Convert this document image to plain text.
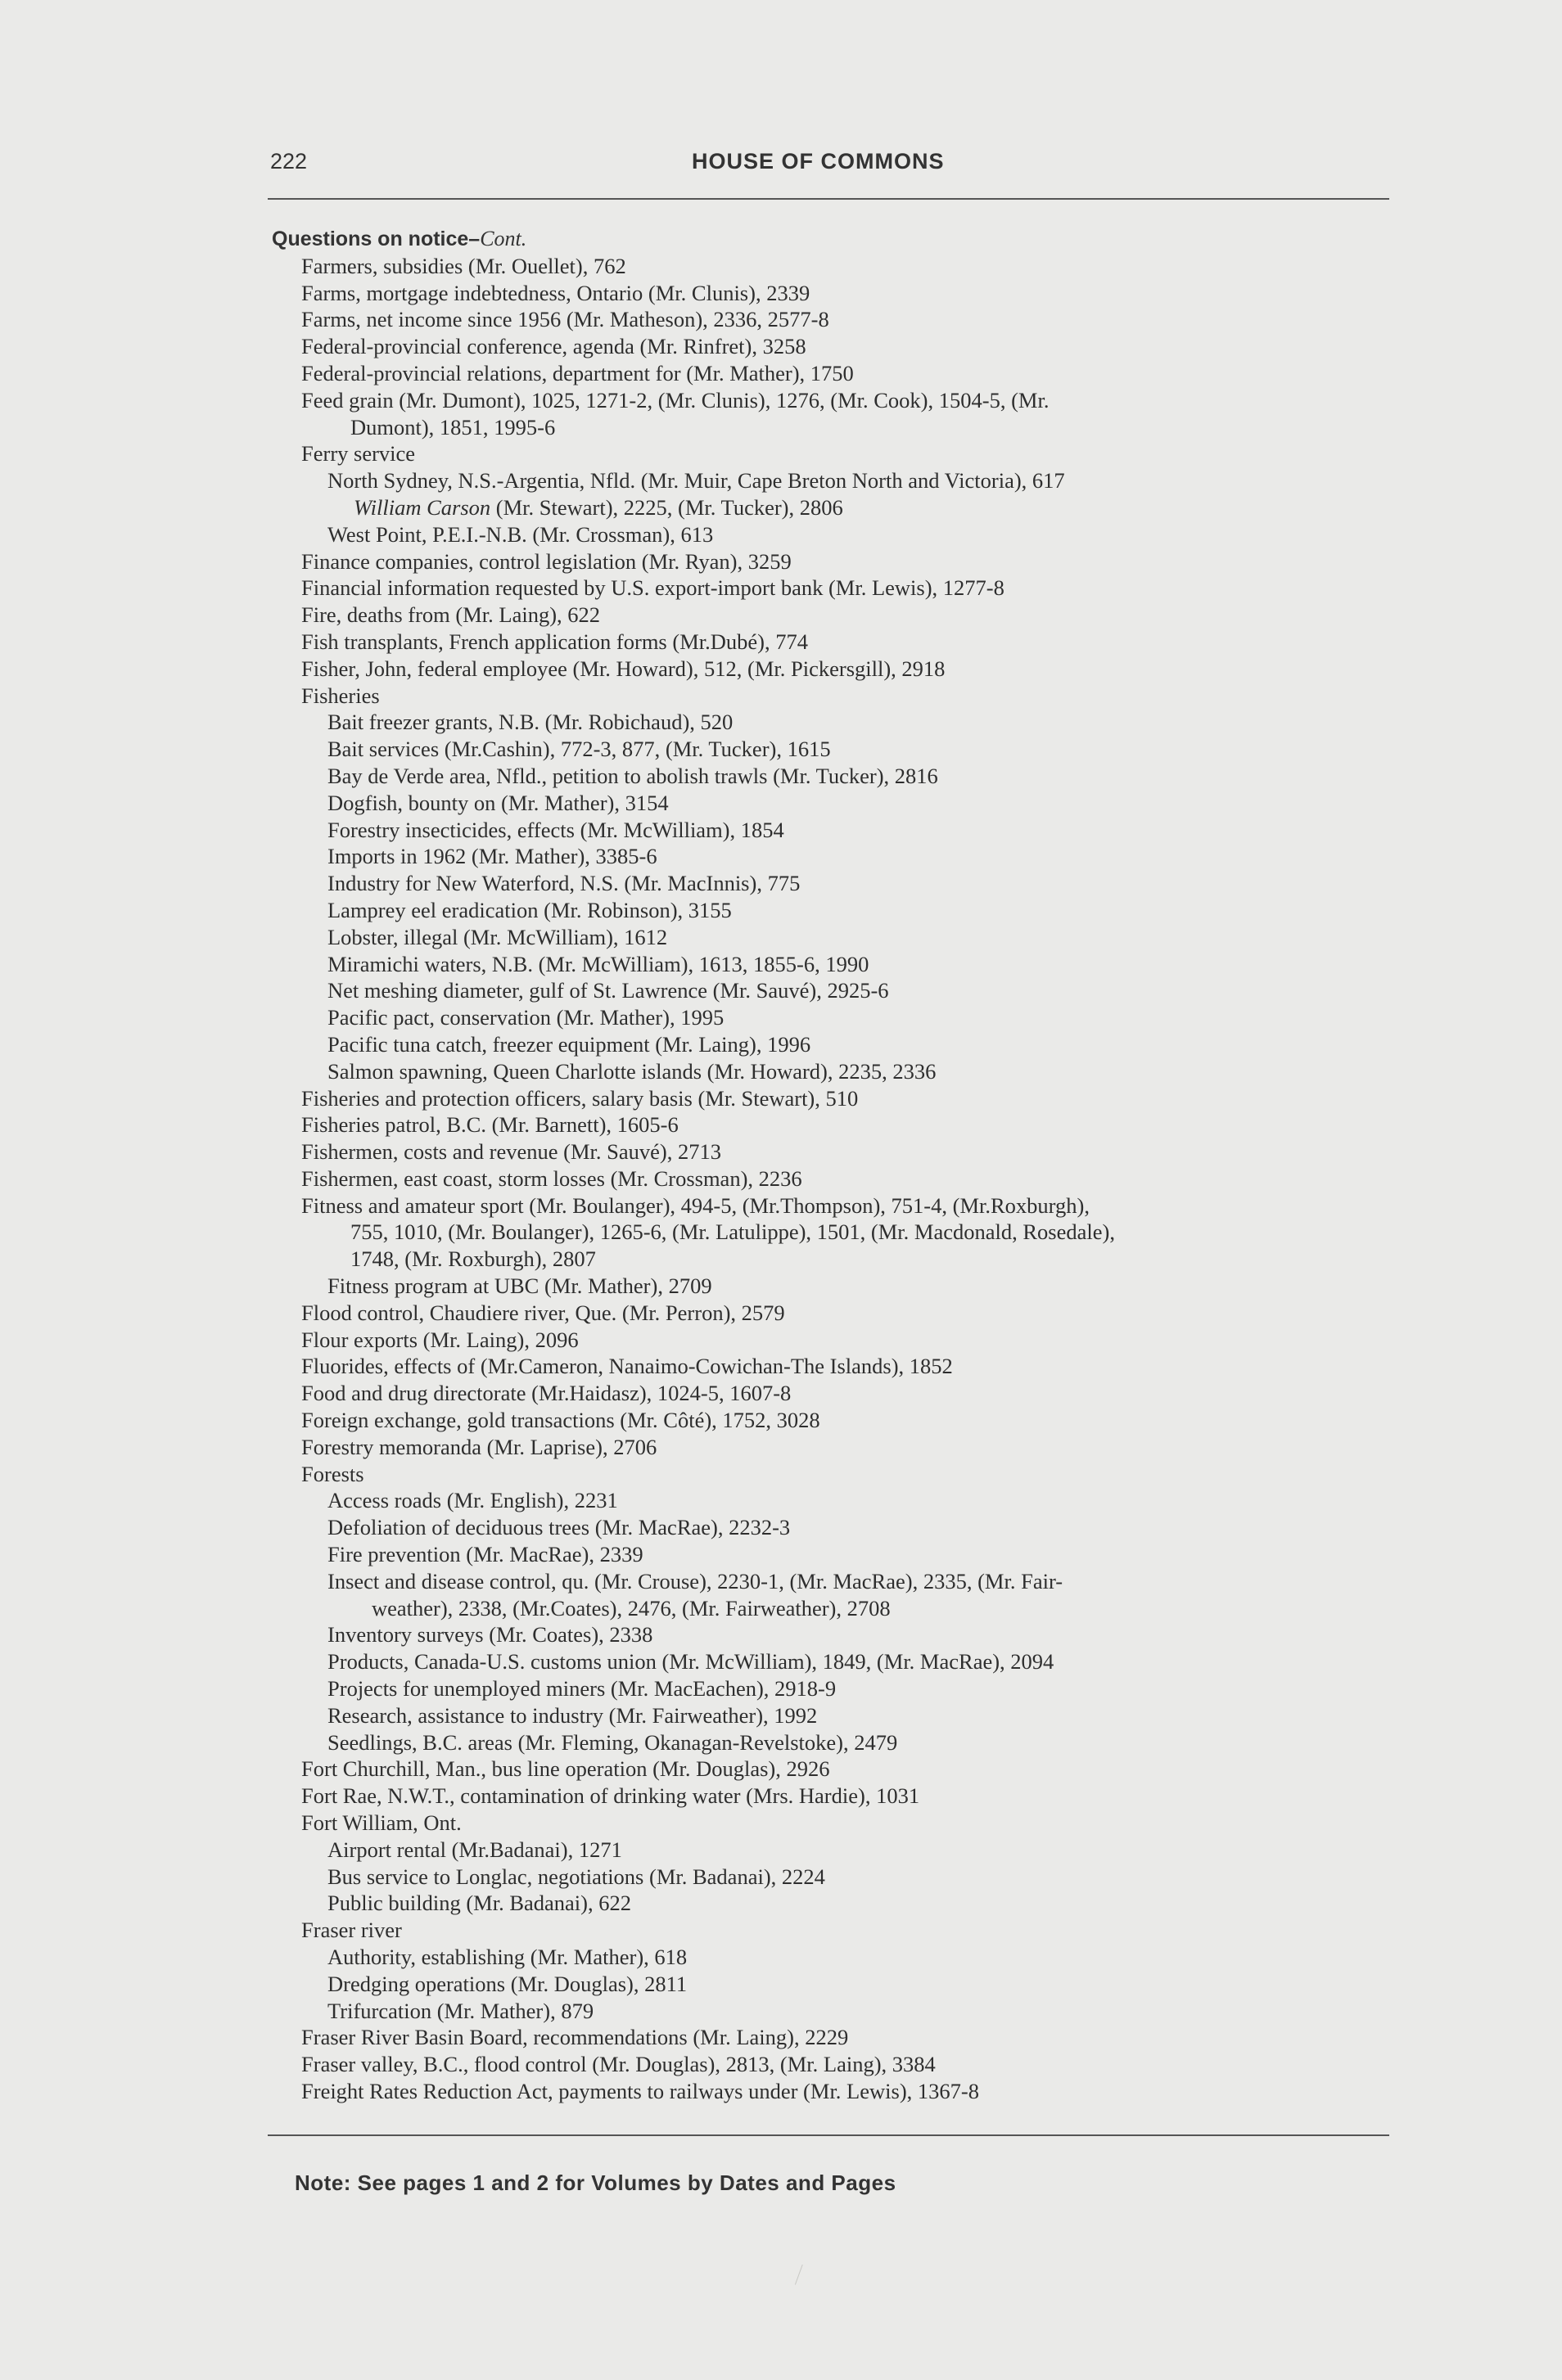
222	HOUSE OF COMMONS
Questions on notice–Cont.
Farmers, subsidies (Mr. Ouellet), 762
Farms, mortgage indebtedness, Ontario (Mr. Clunis), 2339
Farms, net income since 1956 (Mr. Matheson), 2336, 2577-8
Federal-provincial conference, agenda (Mr. Rinfret), 3258
Federal-provincial relations, department for (Mr. Mather), 1750
Feed grain (Mr. Dumont), 1025, 1271-2, (Mr. Clunis), 1276, (Mr. Cook), 1504-5, (Mr.
Dumont), 1851, 1995-6
Ferry service
North Sydney, N.S.-Argentia, Nfld. (Mr. Muir, Cape Breton North and Victoria), 617
William Carson (Mr. Stewart), 2225, (Mr. Tucker), 2806
West Point, P.E.I.-N.B. (Mr. Crossman), 613
Finance companies, control legislation (Mr. Ryan), 3259
Financial information requested by U.S. export-import bank (Mr. Lewis), 1277-8
Fire, deaths from (Mr. Laing), 622
Fish transplants, French application forms (Mr.Dubé), 774
Fisher, John, federal employee (Mr. Howard), 512, (Mr. Pickersgill), 2918
Fisheries
Bait freezer grants, N.B. (Mr. Robichaud), 520
Bait services (Mr.Cashin), 772-3, 877, (Mr. Tucker), 1615
Bay de Verde area, Nfld., petition to abolish trawls (Mr. Tucker), 2816
Dogfish, bounty on (Mr. Mather), 3154
Forestry insecticides, effects (Mr. McWilliam), 1854
Imports in 1962 (Mr. Mather), 3385-6
Industry for New Waterford, N.S. (Mr. MacInnis), 775
Lamprey eel eradication (Mr. Robinson), 3155
Lobster, illegal (Mr. McWilliam), 1612
Miramichi waters, N.B. (Mr. McWilliam), 1613, 1855-6, 1990
Net meshing diameter, gulf of St. Lawrence (Mr. Sauvé), 2925-6
Pacific pact, conservation (Mr. Mather), 1995
Pacific tuna catch, freezer equipment (Mr. Laing), 1996
Salmon spawning, Queen Charlotte islands (Mr. Howard), 2235, 2336
Fisheries and protection officers, salary basis (Mr. Stewart), 510
Fisheries patrol, B.C. (Mr. Barnett), 1605-6
Fishermen, costs and revenue (Mr. Sauvé), 2713
Fishermen, east coast, storm losses (Mr. Crossman), 2236
Fitness and amateur sport (Mr. Boulanger), 494-5, (Mr.Thompson), 751-4, (Mr.Roxburgh),
755, 1010, (Mr. Boulanger), 1265-6, (Mr. Latulippe), 1501, (Mr. Macdonald, Rosedale),
1748, (Mr. Roxburgh), 2807
Fitness program at UBC (Mr. Mather), 2709
Flood control, Chaudiere river, Que. (Mr. Perron), 2579
Flour exports (Mr. Laing), 2096
Fluorides, effects of (Mr.Cameron, Nanaimo-Cowichan-The Islands), 1852
Food and drug directorate (Mr.Haidasz), 1024-5, 1607-8
Foreign exchange, gold transactions (Mr. Côté), 1752, 3028
Forestry memoranda (Mr. Laprise), 2706
Forests
Access roads (Mr. English), 2231
Defoliation of deciduous trees (Mr. MacRae), 2232-3
Fire prevention (Mr. MacRae), 2339
Insect and disease control, qu. (Mr. Crouse), 2230-1, (Mr. MacRae), 2335, (Mr. Fair-
weather), 2338, (Mr.Coates), 2476, (Mr. Fairweather), 2708
Inventory surveys (Mr. Coates), 2338
Products, Canada-U.S. customs union (Mr. McWilliam), 1849, (Mr. MacRae), 2094
Projects for unemployed miners (Mr. MacEachen), 2918-9
Research, assistance to industry (Mr. Fairweather), 1992
Seedlings, B.C. areas (Mr. Fleming, Okanagan-Revelstoke), 2479
Fort Churchill, Man., bus line operation (Mr. Douglas), 2926
Fort Rae, N.W.T., contamination of drinking water (Mrs. Hardie), 1031
Fort William, Ont.
Airport rental (Mr.Badanai), 1271
Bus service to Longlac, negotiations (Mr. Badanai), 2224
Public building (Mr. Badanai), 622
Fraser river
Authority, establishing (Mr. Mather), 618
Dredging operations (Mr. Douglas), 2811
Trifurcation (Mr. Mather), 879
Fraser River Basin Board, recommendations (Mr. Laing), 2229
Fraser valley, B.C., flood control (Mr. Douglas), 2813, (Mr. Laing), 3384
Freight Rates Reduction Act, payments to railways under (Mr. Lewis), 1367-8
Note: See pages 1 and 2 for Volumes by Dates and Pages
